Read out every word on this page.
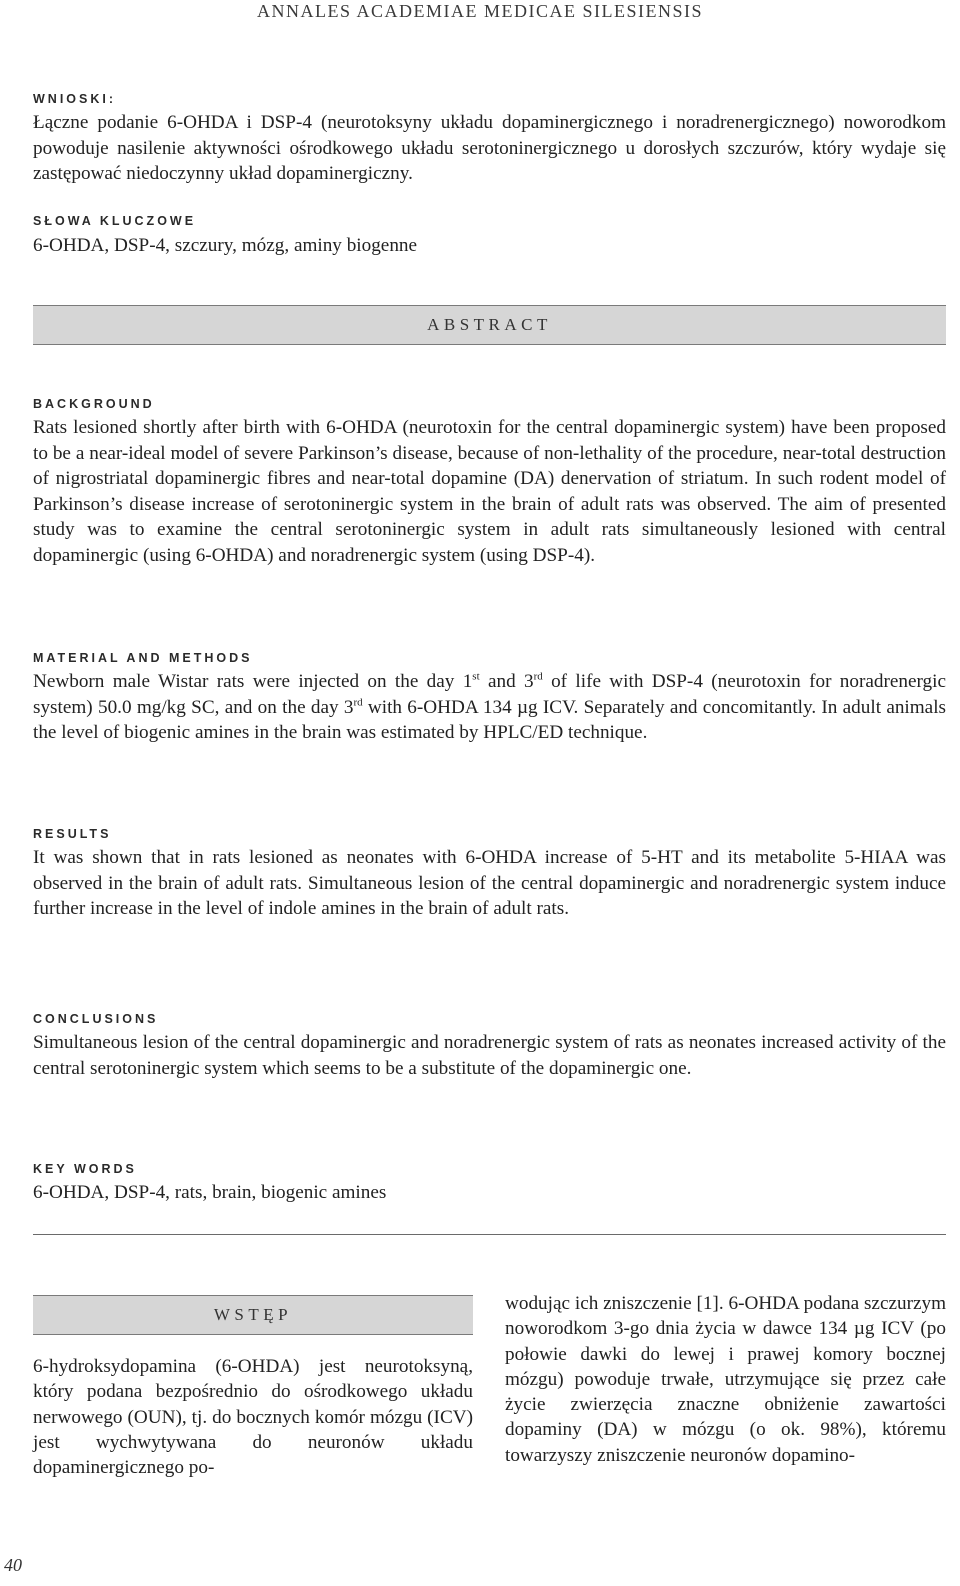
ANNALES ACADEMIAE MEDICAE SILESIENSIS
WNIOSKI:
Łączne podanie 6-OHDA i DSP-4 (neurotoksyny układu dopaminergicznego i noradrenergicznego) noworodkom powoduje nasilenie aktywności ośrodkowego układu serotoninergicznego u dorosłych szczurów, który wydaje się zastępować niedoczynny układ dopaminergiczny.
SŁOWA KLUCZOWE
6-OHDA, DSP-4, szczury, mózg, aminy biogenne
ABSTRACT
BACKGROUND
Rats lesioned shortly after birth with 6-OHDA (neurotoxin for the central dopaminergic system) have been proposed to be a near-ideal model of severe Parkinson’s disease, because of non-lethality of the procedure, near-total destruction of nigrostriatal dopaminergic fibres and near-total dopamine (DA) denervation of striatum. In such rodent model of Parkinson’s disease increase of serotoninergic system in the brain of adult rats was observed. The aim of presented study was to examine the central serotoninergic system in adult rats simultaneously lesioned with central dopaminergic (using 6-OHDA) and noradrenergic system (using DSP-4).
MATERIAL AND METHODS
Newborn male Wistar rats were injected on the day 1st and 3rd of life with DSP-4 (neurotoxin for noradrenergic system) 50.0 mg/kg SC, and on the day 3rd with 6-OHDA 134 µg ICV. Separately and concomitantly. In adult animals the level of biogenic amines in the brain was estimated by HPLC/ED technique.
RESULTS
It was shown that in rats lesioned as neonates with 6-OHDA increase of 5-HT and its metabolite 5-HIAA was observed in the brain of adult rats. Simultaneous lesion of the central dopaminergic and noradrenergic system induce further increase in the level of indole amines in the brain of adult rats.
CONCLUSIONS
Simultaneous lesion of the central dopaminergic and noradrenergic system of rats as neonates increased activity of the central serotoninergic system which seems to be a substitute of the dopaminergic one.
KEY WORDS
6-OHDA, DSP-4, rats, brain, biogenic amines
WSTĘP
6-hydroksydopamina (6-OHDA) jest neurotoksyną, który podana bezpośrednio do ośrodkowego układu nerwowego (OUN), tj. do bocznych komór mózgu (ICV) jest wychwytywana do neuronów układu dopaminergicznego po-
wodując ich zniszczenie [1]. 6-OHDA podana szczurzym noworodkom 3-go dnia życia w dawce 134 µg ICV (po połowie dawki do lewej i prawej komory bocznej mózgu) powoduje trwałe, utrzymujące się przez całe życie zwierzęcia znaczne obniżenie zawartości dopaminy (DA) w mózgu (o ok. 98%), któremu towarzyszy zniszczenie neuronów dopamino-
40
